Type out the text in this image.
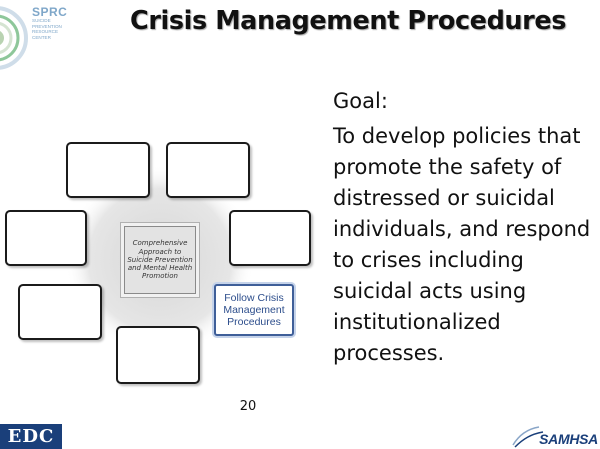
SPRC
SUICIDE
PREVENTION
RESOURCE
CENTER
Crisis Management Procedures
Comprehensive Approach to Suicide Prevention and Mental Health Promotion
Follow Crisis Management Procedures
Goal:
To develop policies that promote the safety of distressed or suicidal individuals, and respond to crises including suicidal acts using institutionalized processes.
20
EDC	SAMHSA
